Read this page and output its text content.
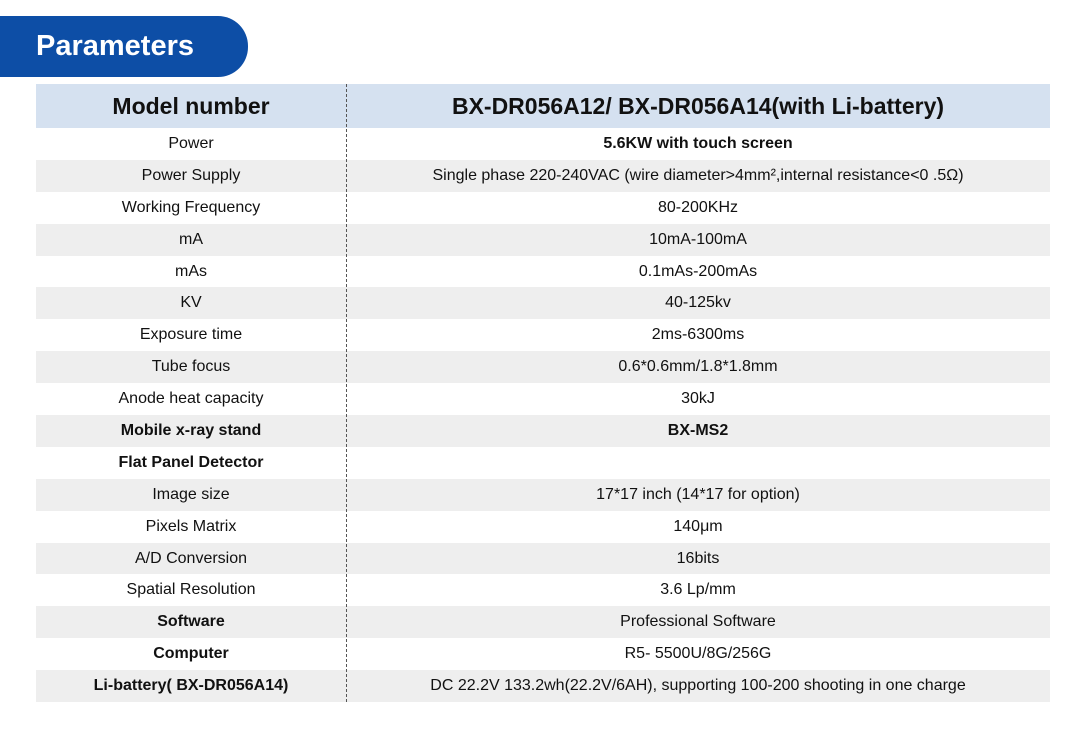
Parameters
Model number	BX-DR056A12/ BX-DR056A14(with Li-battery)
Power	5.6KW with touch screen
Power Supply	Single phase 220-240VAC (wire diameter>4mm²,internal resistance<0 .5Ω)
Working Frequency	80-200KHz
mA	10mA-100mA
mAs	0.1mAs-200mAs
KV	40-125kv
Exposure time	2ms-6300ms
Tube focus	0.6*0.6mm/1.8*1.8mm
Anode heat capacity	30kJ
Mobile x-ray stand	BX-MS2
Flat Panel Detector
Image size	17*17 inch (14*17 for option)
Pixels Matrix	140μm
A/D Conversion	16bits
Spatial Resolution	3.6 Lp/mm
Software	Professional Software
Computer	R5- 5500U/8G/256G
Li-battery( BX-DR056A14)	DC 22.2V 133.2wh(22.2V/6AH), supporting 100-200 shooting in one charge
